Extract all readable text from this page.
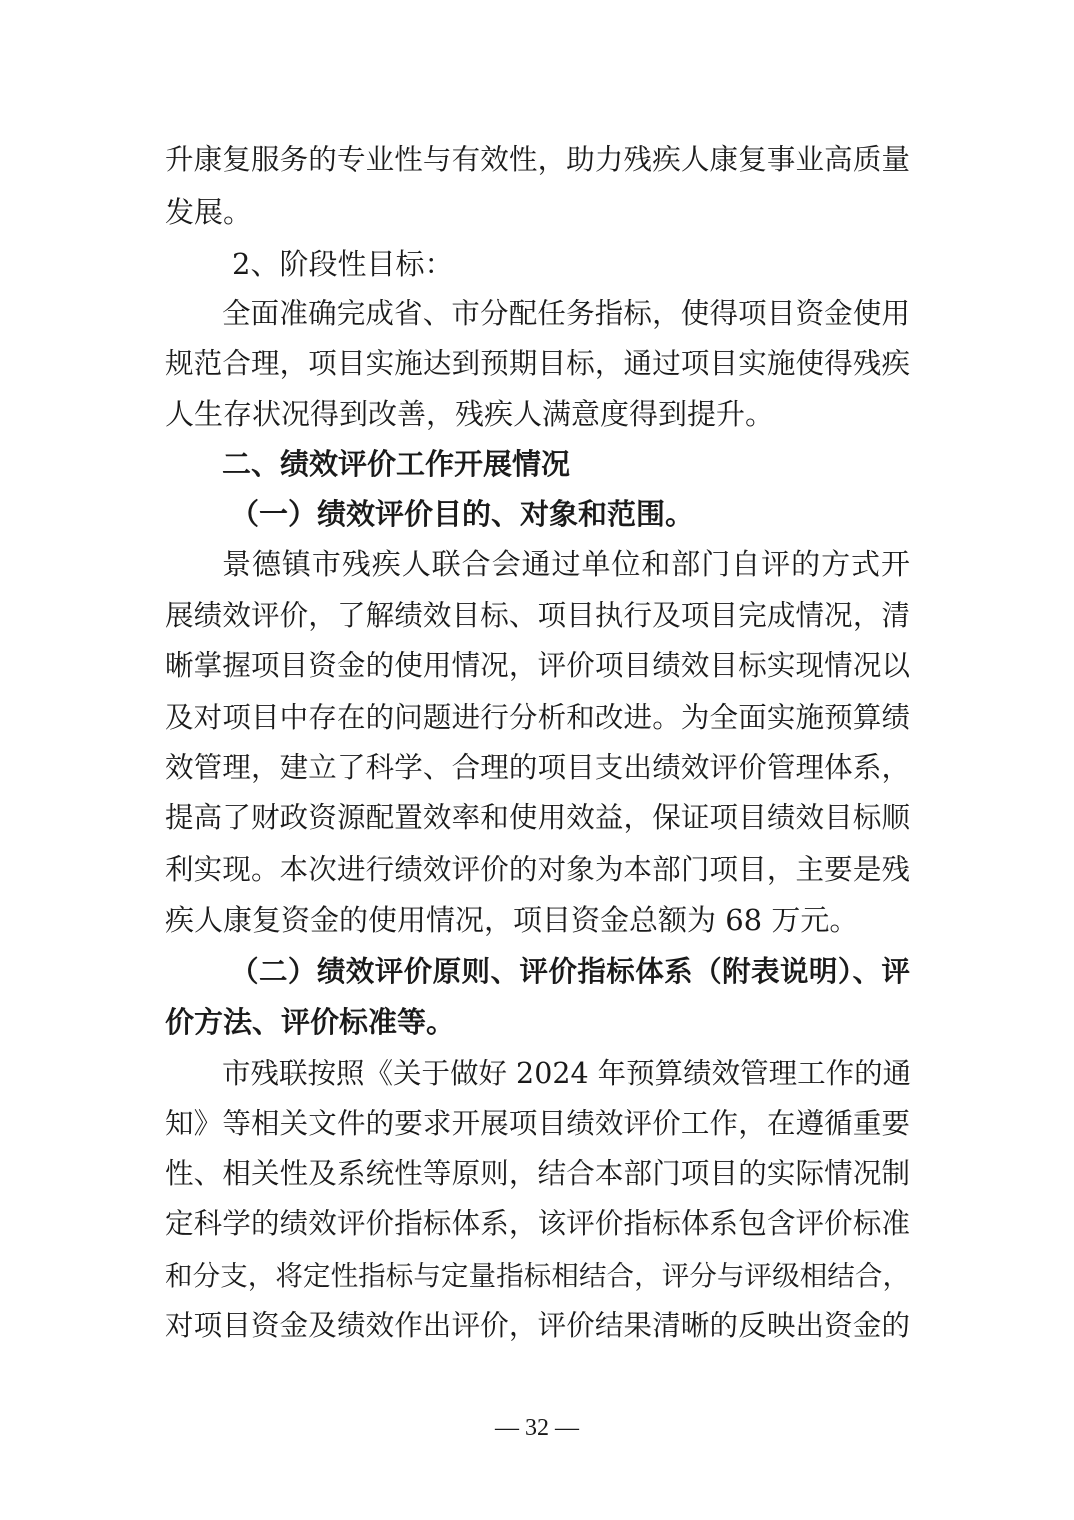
升康复服务的专业性与有效性，助力残疾人康复事业高质量
发展。
2、阶段性目标：
全面准确完成省、市分配任务指标，使得项目资金使用
规范合理，项目实施达到预期目标，通过项目实施使得残疾
人生存状况得到改善，残疾人满意度得到提升。
二、绩效评价工作开展情况
（一）绩效评价目的、对象和范围。
景德镇市残疾人联合会通过单位和部门自评的方式开
展绩效评价，了解绩效目标、项目执行及项目完成情况，清
晰掌握项目资金的使用情况，评价项目绩效目标实现情况以
及对项目中存在的问题进行分析和改进。为全面实施预算绩
效管理，建立了科学、合理的项目支出绩效评价管理体系，
提高了财政资源配置效率和使用效益，保证项目绩效目标顺
利实现。本次进行绩效评价的对象为本部门项目，主要是残
疾人康复资金的使用情况，项目资金总额为 68 万元。
（二）绩效评价原则、评价指标体系（附表说明）、评
价方法、评价标准等。
市残联按照《关于做好 2024 年预算绩效管理工作的通
知》等相关文件的要求开展项目绩效评价工作，在遵循重要
性、相关性及系统性等原则，结合本部门项目的实际情况制
定科学的绩效评价指标体系，该评价指标体系包含评价标准
和分支，将定性指标与定量指标相结合，评分与评级相结合，
对项目资金及绩效作出评价，评价结果清晰的反映出资金的
— 32 —
